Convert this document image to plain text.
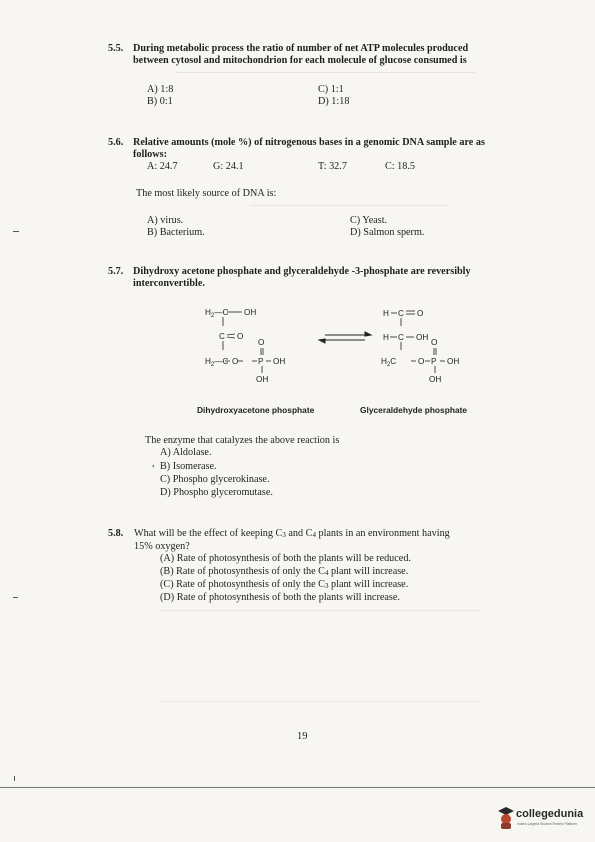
5.5. During metabolic process the ratio of number of net ATP molecules produced
between cytosol and mitochondrion for each molecule of glucose consumed is
A) 1:8	C) 1:1
B) 0:1	D) 1:18
5.6. Relative amounts (mole %) of nitrogenous bases in a genomic DNA sample are as
follows:
A: 24.7	G: 24.1	T: 32.7	C: 18.5
The most likely source of DNA is:
A) virus.	C) Yeast.
B) Bacterium.	D) Salmon sperm.
5.7. Dihydroxy acetone phosphate and glyceraldehyde -3-phosphate are reversibly
interconvertible.
$H_2—C$ OH
C O
O
$H_2—C$ O P OH
OH
H C O
H C OH
O
$H_2C$	O P OH
OH
Dihydroxyacetone phosphate	Glyceraldehyde phosphate
The enzyme that catalyzes the above reaction is
A) Aldolase.
, B) Isomerase.
C) Phospho glycerokinase.
D) Phospho glyceromutase.
5.8. What will be the effect of keeping $C_3$ and $C_4$ plants in an environment having
15% oxygen?
(A) Rate of photosynthesis of both the plants will be reduced.
(B) Rate of photosynthesis of only the $C_4$ plant will increase.
(C) Rate of photosynthesis of only the $C_3$ plant will increase.
(D) Rate of photosynthesis of both the plants will increase.
19
collegedunia
India's Largest Student Review Platform
